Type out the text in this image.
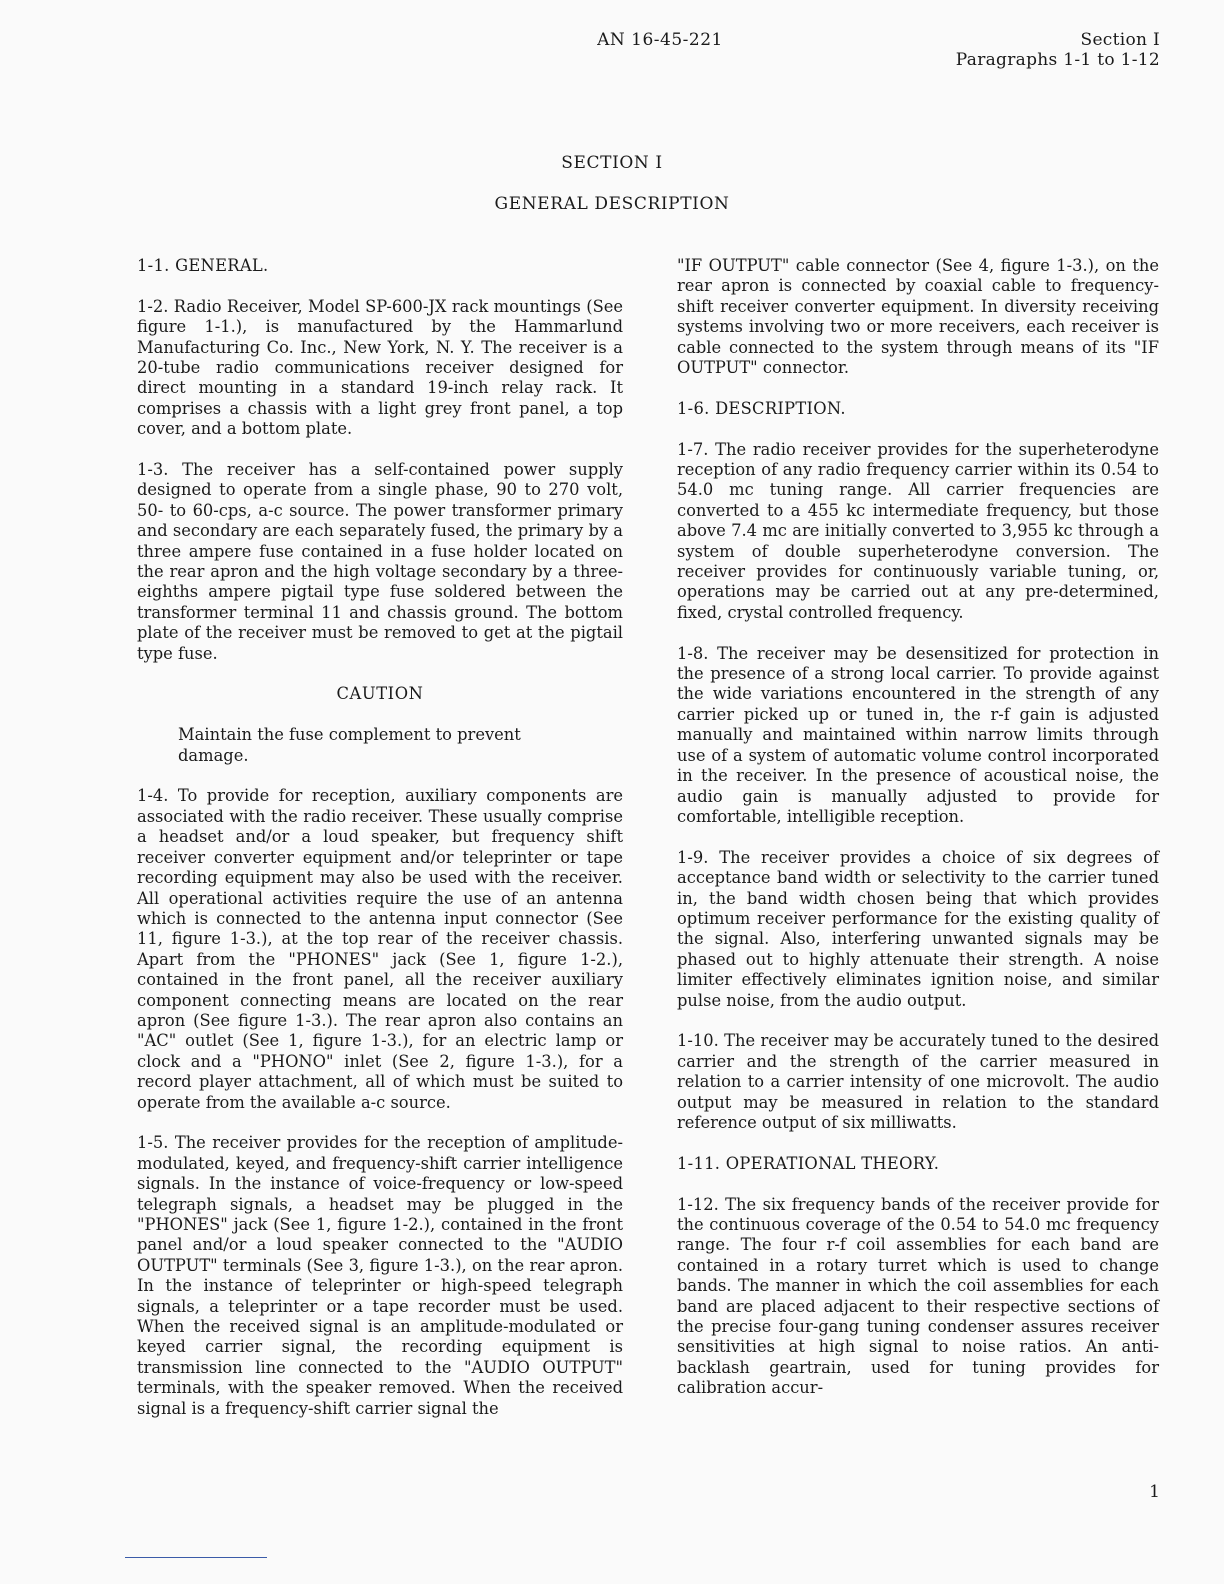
AN 16-45-221	Section I
Paragraphs 1-1 to 1-12
SECTION I
GENERAL DESCRIPTION

1-1. GENERAL.

1-2. Radio Receiver, Model SP-600-JX rack mountings (See figure 1-1.), is manufactured by the Hammarlund Manufacturing Co. Inc., New York, N. Y. The receiver is a 20-tube radio communications receiver designed for direct mounting in a standard 19-inch relay rack. It comprises a chassis with a light grey front panel, a top cover, and a bottom plate.

1-3. The receiver has a self-contained power supply designed to operate from a single phase, 90 to 270 volt, 50- to 60-cps, a-c source. The power transformer primary and secondary are each separately fused, the primary by a three ampere fuse contained in a fuse holder located on the rear apron and the high voltage secondary by a three-eighths ampere pigtail type fuse soldered between the transformer terminal 11 and chassis ground. The bottom plate of the receiver must be removed to get at the pigtail type fuse.

CAUTION

Maintain the fuse complement to prevent damage.

1-4. To provide for reception, auxiliary components are associated with the radio receiver. These usually comprise a headset and/or a loud speaker, but frequency shift receiver converter equipment and/or teleprinter or tape recording equipment may also be used with the receiver. All operational activities require the use of an antenna which is connected to the antenna input connector (See 11, figure 1-3.), at the top rear of the receiver chassis. Apart from the "PHONES" jack (See 1, figure 1-2.), contained in the front panel, all the receiver auxiliary component connecting means are located on the rear apron (See figure 1-3.). The rear apron also contains an "AC" outlet (See 1, figure 1-3.), for an electric lamp or clock and a "PHONO" inlet (See 2, figure 1-3.), for a record player attachment, all of which must be suited to operate from the available a-c source.

1-5. The receiver provides for the reception of amplitude-modulated, keyed, and frequency-shift carrier intelligence signals. In the instance of voice-frequency or low-speed telegraph signals, a headset may be plugged in the "PHONES" jack (See 1, figure 1-2.), contained in the front panel and/or a loud speaker connected to the "AUDIO OUTPUT" terminals (See 3, figure 1-3.), on the rear apron. In the instance of teleprinter or high-speed telegraph signals, a teleprinter or a tape recorder must be used. When the received signal is an amplitude-modulated or keyed carrier signal, the recording equipment is transmission line connected to the "AUDIO OUTPUT" terminals, with the speaker removed. When the received signal is a frequency-shift carrier signal the

"IF OUTPUT" cable connector (See 4, figure 1-3.), on the rear apron is connected by coaxial cable to frequency-shift receiver converter equipment. In diversity receiving systems involving two or more receivers, each receiver is cable connected to the system through means of its "IF OUTPUT" connector.

1-6. DESCRIPTION.

1-7. The radio receiver provides for the superheterodyne reception of any radio frequency carrier within its 0.54 to 54.0 mc tuning range. All carrier frequencies are converted to a 455 kc intermediate frequency, but those above 7.4 mc are initially converted to 3,955 kc through a system of double superheterodyne conversion. The receiver provides for continuously variable tuning, or, operations may be carried out at any pre-determined, fixed, crystal controlled frequency.

1-8. The receiver may be desensitized for protection in the presence of a strong local carrier. To provide against the wide variations encountered in the strength of any carrier picked up or tuned in, the r-f gain is adjusted manually and maintained within narrow limits through use of a system of automatic volume control incorporated in the receiver. In the presence of acoustical noise, the audio gain is manually adjusted to provide for comfortable, intelligible reception.

1-9. The receiver provides a choice of six degrees of acceptance band width or selectivity to the carrier tuned in, the band width chosen being that which provides optimum receiver performance for the existing quality of the signal. Also, interfering unwanted signals may be phased out to highly attenuate their strength. A noise limiter effectively eliminates ignition noise, and similar pulse noise, from the audio output.

1-10. The receiver may be accurately tuned to the desired carrier and the strength of the carrier measured in relation to a carrier intensity of one microvolt. The audio output may be measured in relation to the standard reference output of six milliwatts.

1-11. OPERATIONAL THEORY.

1-12. The six frequency bands of the receiver provide for the continuous coverage of the 0.54 to 54.0 mc frequency range. The four r-f coil assemblies for each band are contained in a rotary turret which is used to change bands. The manner in which the coil assemblies for each band are placed adjacent to their respective sections of the precise four-gang tuning condenser assures receiver sensitivities at high signal to noise ratios. An anti-backlash geartrain, used for tuning provides for calibration accur-

1
